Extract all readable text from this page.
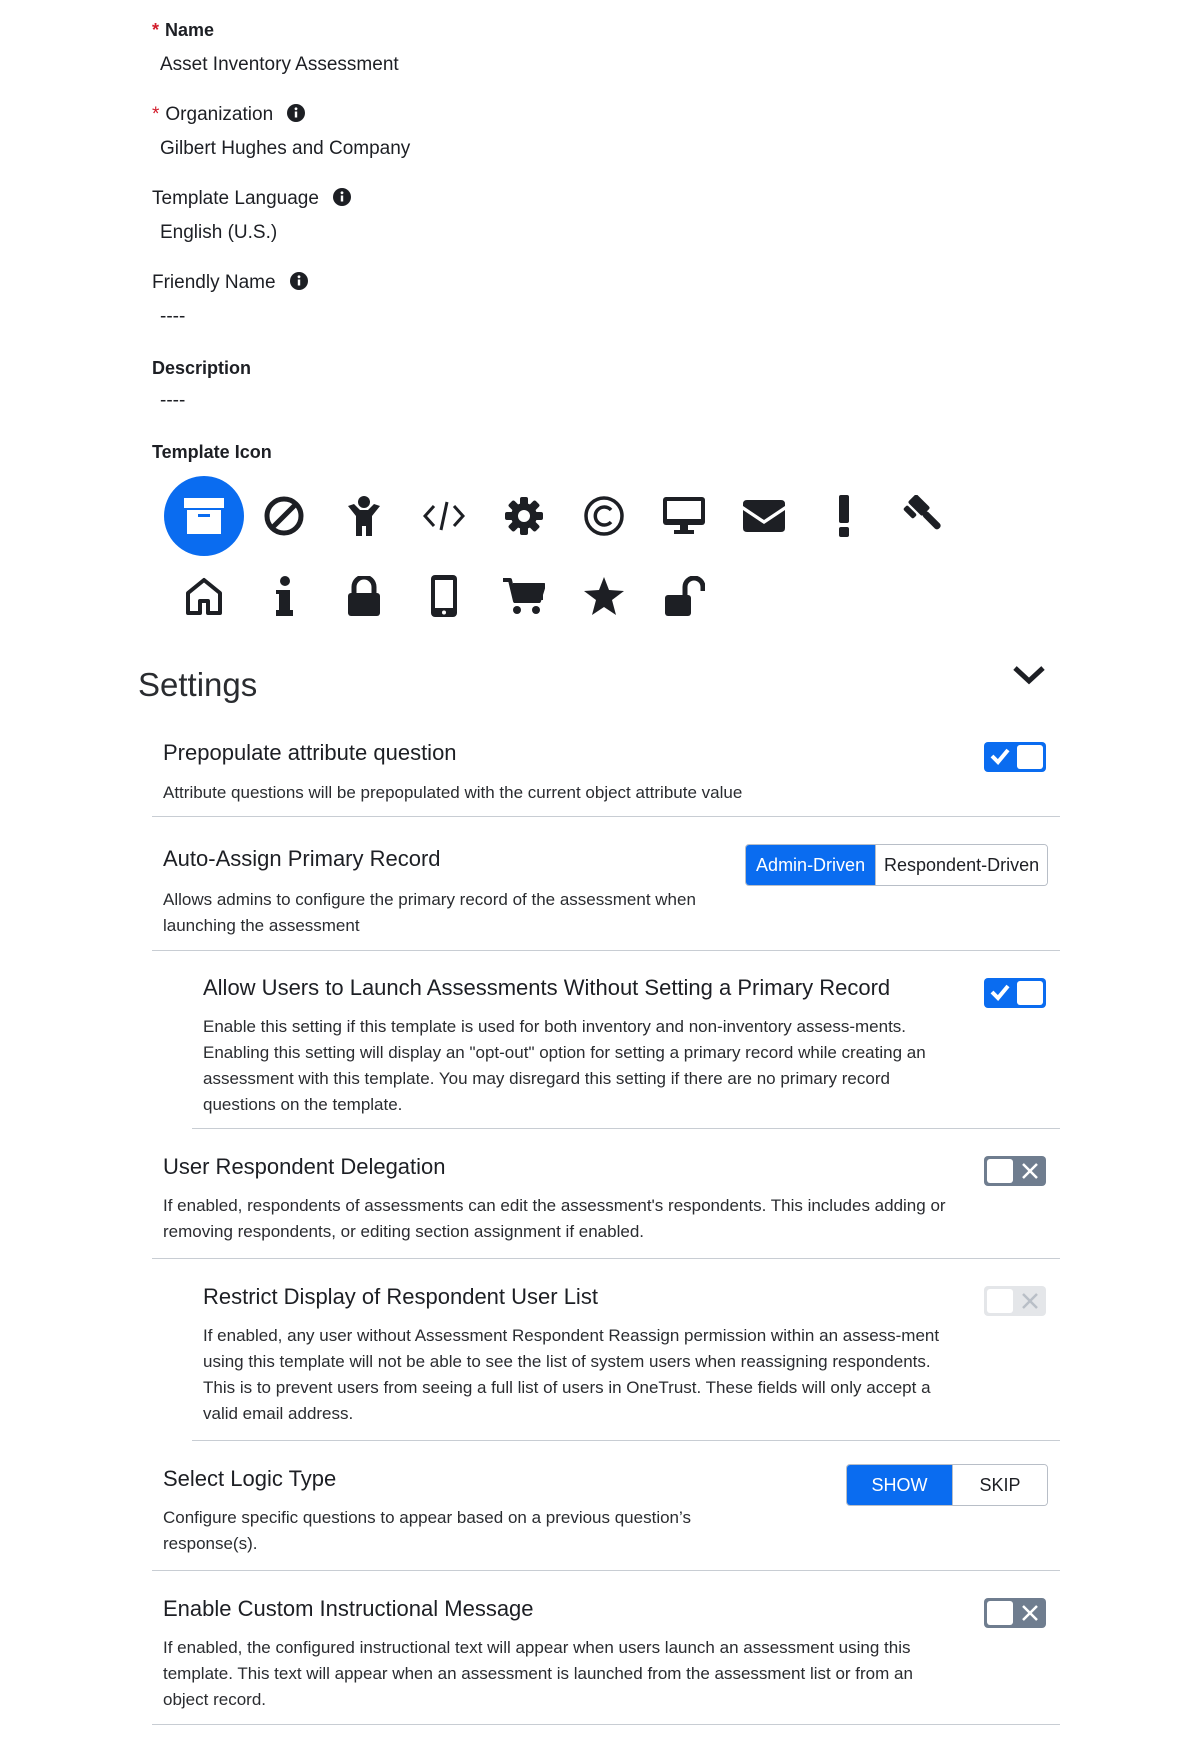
* Name
Asset Inventory Assessment
* Organization
Gilbert Hughes and Company
Template Language
English (U.S.)
Friendly Name
----
Description
----
Template Icon
Settings
Prepopulate attribute question
Attribute questions will be prepopulated with the current object attribute value
Auto-Assign Primary Record
Allows admins to configure the primary record of the assessment when launching the assessment
Admin-Driven	Respondent-Driven
Allow Users to Launch Assessments Without Setting a Primary Record
Enable this setting if this template is used for both inventory and non-inventory assess-ments. Enabling this setting will display an "opt-out" option for setting a primary record while creating an assessment with this template. You may disregard this setting if there are no primary record questions on the template.
User Respondent Delegation
If enabled, respondents of assessments can edit the assessment's respondents. This includes adding or removing respondents, or editing section assignment if enabled.
Restrict Display of Respondent User List
If enabled, any user without Assessment Respondent Reassign permission within an assess-ment using this template will not be able to see the list of system users when reassigning respondents. This is to prevent users from seeing a full list of users in OneTrust. These fields will only accept a valid email address.
Select Logic Type
Configure specific questions to appear based on a previous question’s response(s).
SHOW	SKIP
Enable Custom Instructional Message
If enabled, the configured instructional text will appear when users launch an assessment using this template. This text will appear when an assessment is launched from the assessment list or from an object record.
